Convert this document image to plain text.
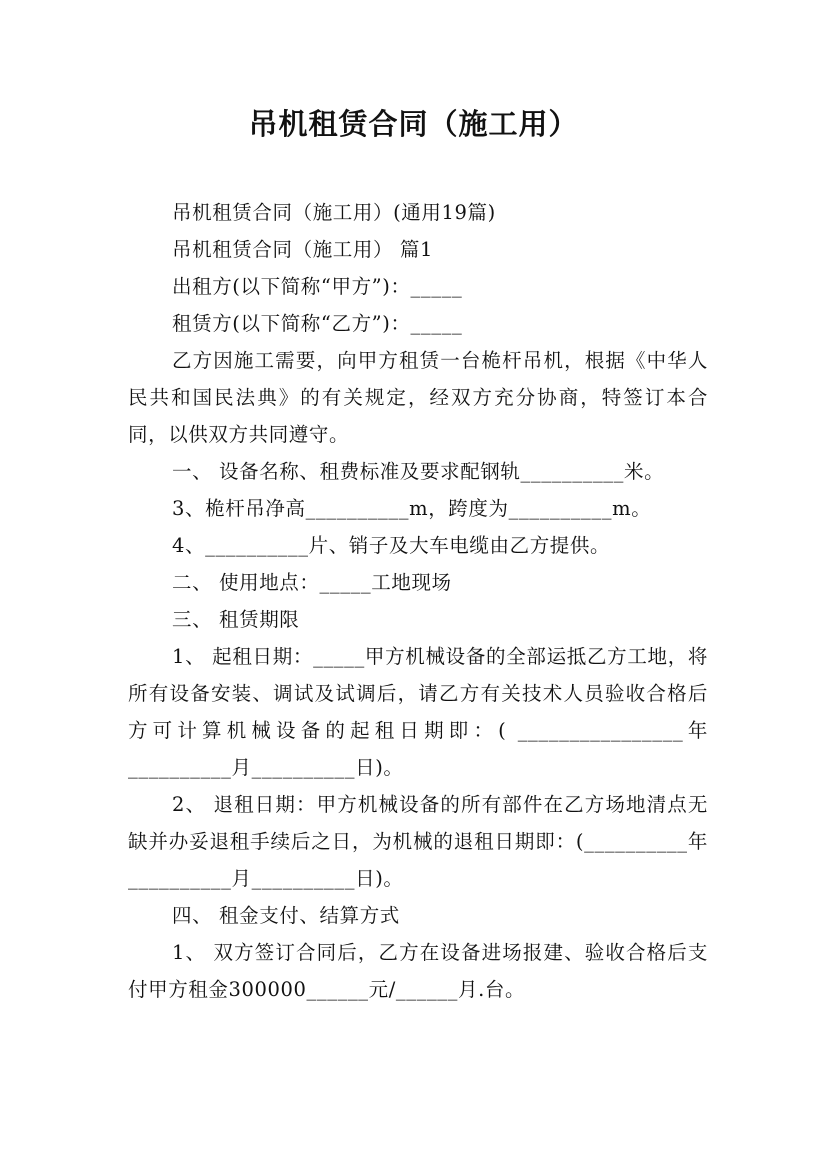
吊机租赁合同（施工用）

吊机租赁合同（施工用）(通用19篇)

吊机租赁合同（施工用） 篇1

出租方(以下简称“甲方”)：_____

租赁方(以下简称“乙方”)：_____

乙方因施工需要，向甲方租赁一台桅杆吊机，根据《中华人民共和国民法典》的有关规定，经双方充分协商，特签订本合同，以供双方共同遵守。

一、 设备名称、租费标准及要求配钢轨__________米。

3、桅杆吊净高__________m，跨度为__________m。

4、__________片、销子及大车电缆由乙方提供。

二、 使用地点：_____工地现场

三、 租赁期限

1、 起租日期：_____甲方机械设备的全部运抵乙方工地，将所有设备安装、调试及试调后，请乙方有关技术人员验收合格后方可计算机械设备的起租日期即：( ________________年__________月__________日)。

2、 退租日期：甲方机械设备的所有部件在乙方场地清点无缺并办妥退租手续后之日，为机械的退租日期即：(__________年__________月__________日)。

四、 租金支付、结算方式

1、 双方签订合同后，乙方在设备进场报建、验收合格后支付甲方租金300000______元/______月.台。
